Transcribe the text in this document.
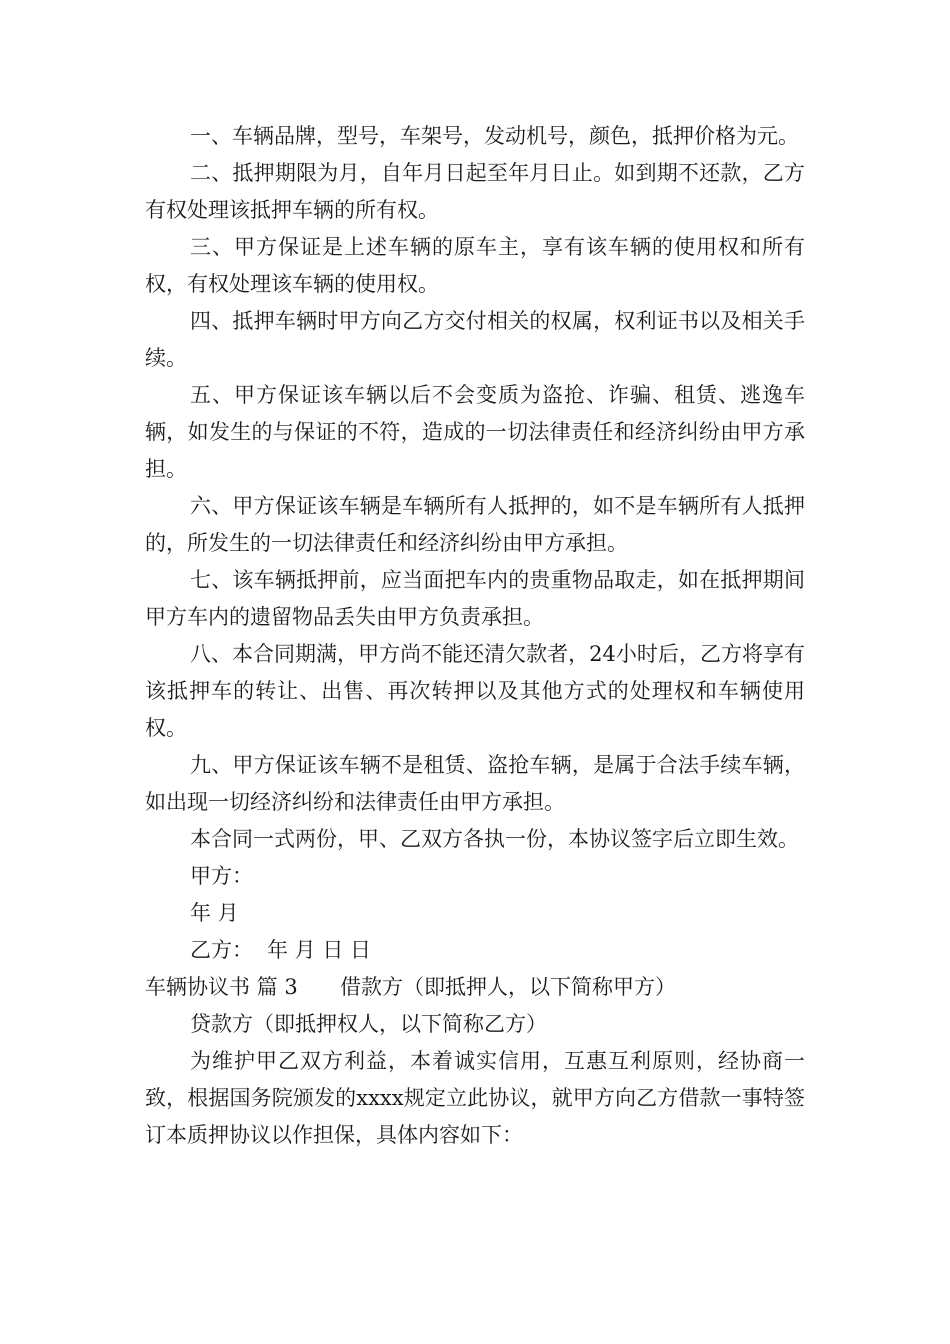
一、车辆品牌，型号，车架号，发动机号，颜色，抵押价格为元。

二、抵押期限为月，自年月日起至年月日止。如到期不还款，乙方有权处理该抵押车辆的所有权。

三、甲方保证是上述车辆的原车主，享有该车辆的使用权和所有权，有权处理该车辆的使用权。

四、抵押车辆时甲方向乙方交付相关的权属，权利证书以及相关手续。

五、甲方保证该车辆以后不会变质为盗抢、诈骗、租赁、逃逸车辆，如发生的与保证的不符，造成的一切法律责任和经济纠纷由甲方承担。

六、甲方保证该车辆是车辆所有人抵押的，如不是车辆所有人抵押的，所发生的一切法律责任和经济纠纷由甲方承担。

七、该车辆抵押前，应当面把车内的贵重物品取走，如在抵押期间甲方车内的遗留物品丢失由甲方负责承担。

八、本合同期满，甲方尚不能还清欠款者，24小时后，乙方将享有该抵押车的转让、出售、再次转押以及其他方式的处理权和车辆使用权。

九、甲方保证该车辆不是租赁、盗抢车辆，是属于合法手续车辆，如出现一切经济纠纷和法律责任由甲方承担。

本合同一式两份，甲、乙双方各执一份，本协议签字后立即生效。

甲方：

年 月

乙方： 年 月 日 日

车辆协议书 篇 3 借款方（即抵押人，以下简称甲方）

贷款方（即抵押权人，以下简称乙方）

为维护甲乙双方利益，本着诚实信用，互惠互利原则，经协商一致，根据国务院颁发的xxxx规定立此协议，就甲方向乙方借款一事特签订本质押协议以作担保，具体内容如下：
